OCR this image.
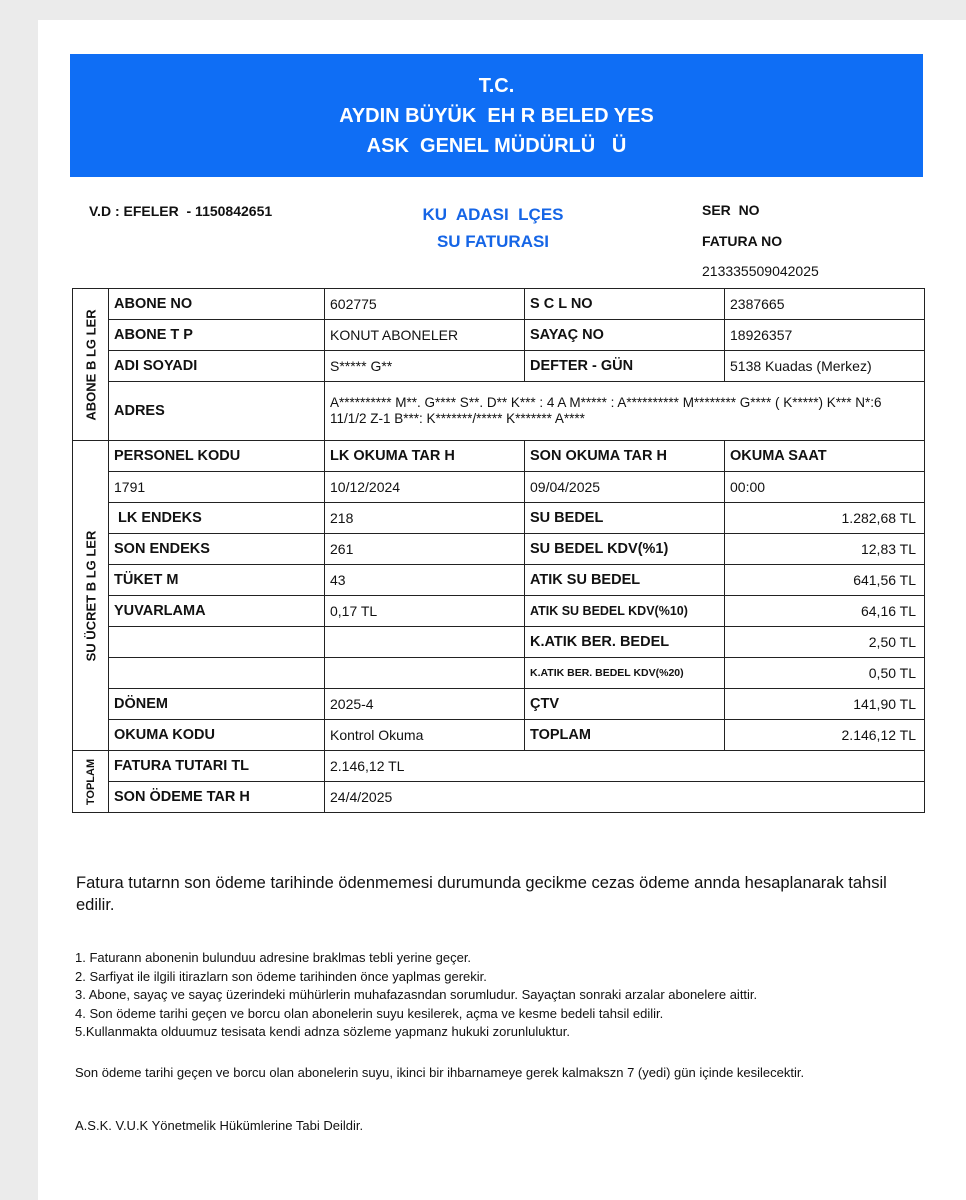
T.C.
AYDIN BÜYÜK  EH R BELED YES
ASK  GENEL MÜDÜRLÜ   Ü
V.D : EFELER  - 1150842651	KU  ADASI  LÇES
SU FATURASI
SER  NO
FATURA NO
213335509042025
ABONE B LG LER	ABONE NO	602775	S C L NO	2387665
	ABONE T P	KONUT ABONELER	SAYAÇ NO	18926357
	ADI SOYADI	S***** G**	DEFTER - GÜN	5138 Kuadas (Merkez)
	ADRES	A********** M**. G**** S**. D** K*** : 4 A M***** : A********** M******** G**** ( K*****) K*** N*:6 11/1/2 Z-1 B***: K*******/***** K******* A****		
SU ÜCRET B LG LER	PERSONEL KODU	LK OKUMA TAR H	SON OKUMA TAR H	OKUMA SAAT
	1791	10/12/2024	09/04/2025	00:00
	LK ENDEKS	218	SU BEDEL	1.282,68 TL
	SON ENDEKS	261	SU BEDEL KDV(%1)	12,83 TL
	TÜKET M	43	ATIK SU BEDEL	641,56 TL
	YUVARLAMA	0,17 TL	ATIK SU BEDEL KDV(%10)	64,16 TL
			K.ATIK BER. BEDEL	2,50 TL
			K.ATIK BER. BEDEL KDV(%20)	0,50 TL
	DÖNEM	2025-4	ÇTV	141,90 TL
	OKUMA KODU	Kontrol Okuma	TOPLAM	2.146,12 TL
TOPLAM	FATURA TUTARI TL	2.146,12 TL
	SON ÖDEME TAR H	24/4/2025
Fatura tutarnn son ödeme tarihinde ödenmemesi durumunda gecikme cezas ödeme annda hesaplanarak tahsil edilir.
1. Faturann abonenin bulunduu adresine braklmas tebli yerine geçer.
2. Sarfiyat ile ilgili itirazlarn son ödeme tarihinden önce yaplmas gerekir.
3. Abone, sayaç ve sayaç üzerindeki mühürlerin muhafazasndan sorumludur. Sayaçtan sonraki arzalar abonelere aittir.
4. Son ödeme tarihi geçen ve borcu olan abonelerin suyu kesilerek, açma ve kesme bedeli tahsil edilir.
5.Kullanmakta olduumuz tesisata kendi adnza sözleme yapmanz hukuki zorunluluktur.
Son ödeme tarihi geçen ve borcu olan abonelerin suyu, ikinci bir ihbarnameye gerek kalmakszn 7 (yedi) gün içinde kesilecektir.
A.S.K. V.U.K Yönetmelik Hükümlerine Tabi Deildir.
